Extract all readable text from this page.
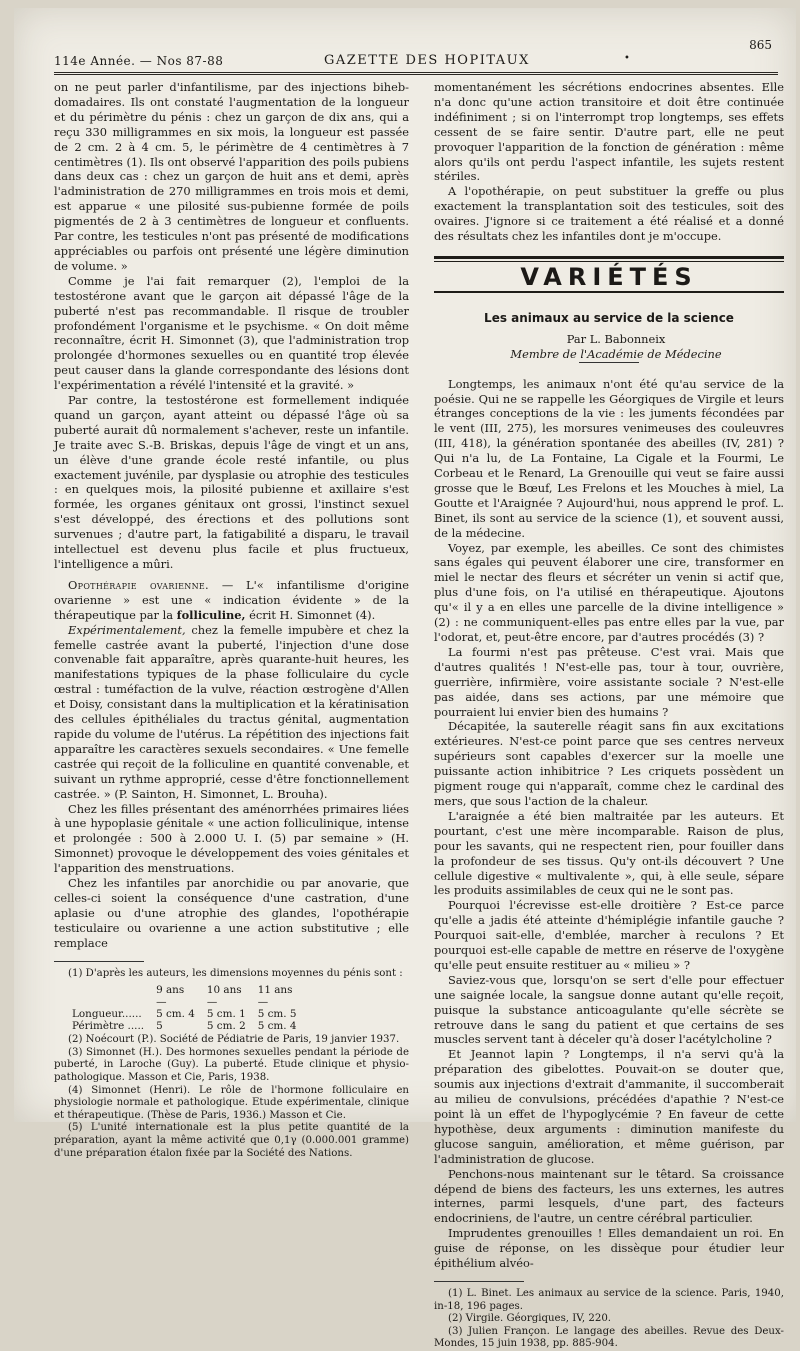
114e Année. — Nos 87-88	GAZETTE DES HOPITAUX	•
865

on ne peut parler d'infantilisme, par des injections biheb-domadaires. Ils ont constaté l'augmentation de la longueur et du périmètre du pénis : chez un garçon de dix ans, qui a reçu 330 milligrammes en six mois, la longueur est passée de 2 cm. 2 à 4 cm. 5, le périmètre de 4 centimètres à 7 centimètres (1). Ils ont observé l'apparition des poils pubiens dans deux cas : chez un garçon de huit ans et demi, après l'administration de 270 milligrammes en trois mois et demi, est apparue « une pilosité sus-pubienne formée de poils pigmentés de 2 à 3 centimètres de longueur et confluents. Par contre, les testicules n'ont pas présenté de modifications appréciables ou parfois ont présenté une légère diminution de volume. »

Comme je l'ai fait remarquer (2), l'emploi de la testostérone avant que le garçon ait dépassé l'âge de la puberté n'est pas recommandable. Il risque de troubler profondément l'organisme et le psychisme. « On doit même reconnaître, écrit H. Simonnet (3), que l'administration trop prolongée d'hormones sexuelles ou en quantité trop élevée peut causer dans la glande correspondante des lésions dont l'expérimentation a révélé l'intensité et la gravité. »

Par contre, la testostérone est formellement indiquée quand un garçon, ayant atteint ou dépassé l'âge où sa puberté aurait dû normalement s'achever, reste un infantile. Je traite avec S.-B. Briskas, depuis l'âge de vingt et un ans, un élève d'une grande école resté infantile, ou plus exactement juvénile, par dysplasie ou atrophie des testicules : en quelques mois, la pilosité pubienne et axillaire s'est formée, les organes génitaux ont grossi, l'instinct sexuel s'est développé, des érections et des pollutions sont survenues ; d'autre part, la fatigabilité a disparu, le travail intellectuel est devenu plus facile et plus fructueux, l'intelligence a mûri.

Opothérapie ovarienne. — L'« infantilisme d'origine ovarienne » est une « indication évidente » de la thérapeutique par la folliculine, écrit H. Simonnet (4).

Expérimentalement, chez la femelle impubère et chez la femelle castrée avant la puberté, l'injection d'une dose convenable fait apparaître, après quarante-huit heures, les manifestations typiques de la phase folliculaire du cycle œstral : tuméfaction de la vulve, réaction œstrogène d'Allen et Doisy, consistant dans la multiplication et la kératinisation des cellules épithéliales du tractus génital, augmentation rapide du volume de l'utérus. La répétition des injections fait apparaître les caractères sexuels secondaires. « Une femelle castrée qui reçoit de la folliculine en quantité convenable, et suivant un rythme approprié, cesse d'être fonctionnellement castrée. » (P. Sainton, H. Simonnet, L. Brouha).

Chez les filles présentant des aménorrhées primaires liées à une hypoplasie génitale « une action folliculinique, intense et prolongée : 500 à 2.000 U. I. (5) par semaine » (H. Simonnet) provoque le développement des voies génitales et l'apparition des menstruations.

Chez les infantiles par anorchidie ou par anovarie, que celles-ci soient la conséquence d'une castration, d'une aplasie ou d'une atrophie des glandes, l'opothérapie testiculaire ou ovarienne a une action substitutive ; elle remplace

(1) D'après les auteurs, les dimensions moyennes du pénis sont :

	9 ans	10 ans	11 ans
	—	—	—
Longueur......	5 cm. 4	5 cm. 1	5 cm. 5
Périmètre .....	5	5 cm. 2	5 cm. 4

(2) Noécourt (P.). Société de Pédiatrie de Paris, 19 janvier 1937.

(3) Simonnet (H.). Des hormones sexuelles pendant la période de puberté, in Laroche (Guy). La puberté. Etude clinique et physio-pathologique. Masson et Cie, Paris, 1938.

(4) Simonnet (Henri). Le rôle de l'hormone folliculaire en physiologie normale et pathologique. Etude expérimentale, clinique et thérapeutique. (Thèse de Paris, 1936.) Masson et Cie.

(5) L'unité internationale est la plus petite quantité de la préparation, ayant la même activité que 0,1γ (0.000.001 gramme) d'une préparation étalon fixée par la Société des Nations.

momentanément les sécrétions endocrines absentes. Elle n'a donc qu'une action transitoire et doit être continuée indéfiniment ; si on l'interrompt trop longtemps, ses effets cessent de se faire sentir. D'autre part, elle ne peut provoquer l'apparition de la fonction de génération : même alors qu'ils ont perdu l'aspect infantile, les sujets restent stériles.

A l'opothérapie, on peut substituer la greffe ou plus exactement la transplantation soit des testicules, soit des ovaires. J'ignore si ce traitement a été réalisé et a donné des résultats chez les infantiles dont je m'occupe.

VARIÉTÉS
Les animaux au service de la science

Par L. Babonneix

Membre de l'Académie de Médecine

Longtemps, les animaux n'ont été qu'au service de la poésie. Qui ne se rappelle les Géorgiques de Virgile et leurs étranges conceptions de la vie : les juments fécondées par le vent (III, 275), les morsures venimeuses des couleuvres (III, 418), la génération spontanée des abeilles (IV, 281) ? Qui n'a lu, de La Fontaine, La Cigale et la Fourmi, Le Corbeau et le Renard, La Grenouille qui veut se faire aussi grosse que le Bœuf, Les Frelons et les Mouches à miel, La Goutte et l'Araignée ? Aujourd'hui, nous apprend le prof. L. Binet, ils sont au service de la science (1), et souvent aussi, de la médecine.

Voyez, par exemple, les abeilles. Ce sont des chimistes sans égales qui peuvent élaborer une cire, transformer en miel le nectar des fleurs et sécréter un venin si actif que, plus d'une fois, on l'a utilisé en thérapeutique. Ajoutons qu'« il y a en elles une parcelle de la divine intelligence » (2) : ne communiquent-elles pas entre elles par la vue, par l'odorat, et, peut-être encore, par d'autres procédés (3) ?

La fourmi n'est pas prêteuse. C'est vrai. Mais que d'autres qualités ! N'est-elle pas, tour à tour, ouvrière, guerrière, infirmière, voire assistante sociale ? N'est-elle pas aidée, dans ses actions, par une mémoire que pourraient lui envier bien des humains ?

Décapitée, la sauterelle réagit sans fin aux excitations extérieures. N'est-ce point parce que ses centres nerveux supérieurs sont capables d'exercer sur la moelle une puissante action inhibitrice ? Les criquets possèdent un pigment rouge qui n'apparaît, comme chez le cardinal des mers, que sous l'action de la chaleur.

L'araignée a été bien maltraitée par les auteurs. Et pourtant, c'est une mère incomparable. Raison de plus, pour les savants, qui ne respectent rien, pour fouiller dans la profondeur de ses tissus. Qu'y ont-ils découvert ? Une cellule digestive « multivalente », qui, à elle seule, sépare les produits assimilables de ceux qui ne le sont pas.

Pourquoi l'écrevisse est-elle droitière ? Est-ce parce qu'elle a jadis été atteinte d'hémiplégie infantile gauche ? Pourquoi sait-elle, d'emblée, marcher à reculons ? Et pourquoi est-elle capable de mettre en réserve de l'oxygène qu'elle peut ensuite restituer au « milieu » ?

Saviez-vous que, lorsqu'on se sert d'elle pour effectuer une saignée locale, la sangsue donne autant qu'elle reçoit, puisque la substance anticoagulante qu'elle sécrète se retrouve dans le sang du patient et que certains de ses muscles servent tant à déceler qu'à doser l'acétylcholine ?

Et Jeannot lapin ? Longtemps, il n'a servi qu'à la préparation des gibelottes. Pouvait-on se douter que, soumis aux injections d'extrait d'ammanite, il succomberait au milieu de convulsions, précédées d'apathie ? N'est-ce point là un effet de l'hypoglycémie ? En faveur de cette hypothèse, deux arguments : diminution manifeste du glucose sanguin, amélioration, et même guérison, par l'administration de glucose.

Penchons-nous maintenant sur le têtard. Sa croissance dépend de biens des facteurs, les uns externes, les autres internes, parmi lesquels, d'une part, des facteurs endocriniens, de l'autre, un centre cérébral particulier.

Imprudentes grenouilles ! Elles demandaient un roi. En guise de réponse, on les dissèque pour étudier leur épithélium alvéo-

(1) L. Binet. Les animaux au service de la science. Paris, 1940, in-18, 196 pages.

(2) Virgile. Géorgiques, IV, 220.

(3) Julien Françon. Le langage des abeilles. Revue des Deux-Mondes, 15 juin 1938, pp. 885-904.
